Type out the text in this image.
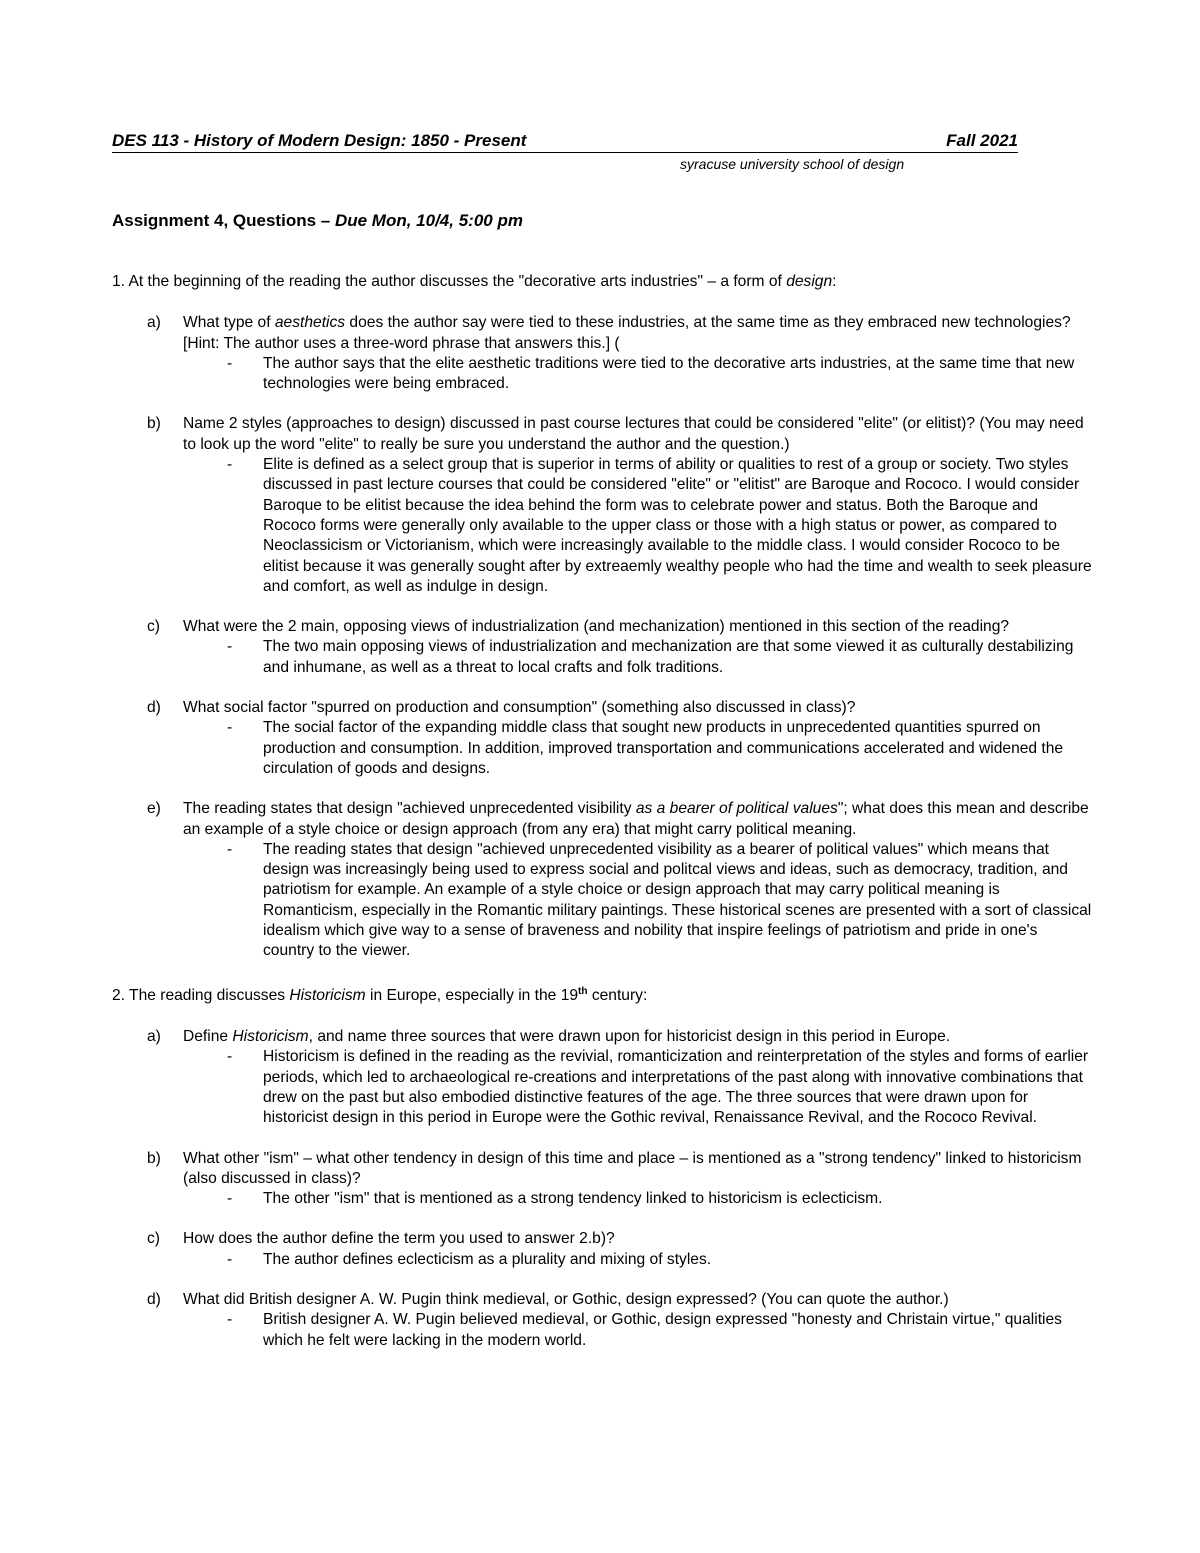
DES 113 - History of Modern Design: 1850 - Present	Fall 2021
syracuse university school of design
Assignment 4, Questions – Due Mon, 10/4, 5:00 pm

1. At the beginning of the reading the author discusses the "decorative arts industries" – a form of design:

a) What type of aesthetics does the author say were tied to these industries, at the same time as they embraced new technologies? [Hint: The author uses a three-word phrase that answers this.] (

- The author says that the elite aesthetic traditions were tied to the decorative arts industries, at the same time that new technologies were being embraced.

b) Name 2 styles (approaches to design) discussed in past course lectures that could be considered "elite" (or elitist)? (You may need to look up the word "elite" to really be sure you understand the author and the question.)

- Elite is defined as a select group that is superior in terms of ability or qualities to rest of a group or society. Two styles discussed in past lecture courses that could be considered "elite" or "elitist" are Baroque and Rococo. I would consider Baroque to be elitist because the idea behind the form was to celebrate power and status. Both the Baroque and Rococo forms were generally only available to the upper class or those with a high status or power, as compared to Neoclassicism or Victorianism, which were increasingly available to the middle class. I would consider Rococo to be elitist because it was generally sought after by extreaemly wealthy people who had the time and wealth to seek pleasure and comfort, as well as indulge in design.

c) What were the 2 main, opposing views of industrialization (and mechanization) mentioned in this section of the reading?

- The two main opposing views of industrialization and mechanization are that some viewed it as culturally destabilizing and inhumane, as well as a threat to local crafts and folk traditions.

d) What social factor "spurred on production and consumption" (something also discussed in class)?

- The social factor of the expanding middle class that sought new products in unprecedented quantities spurred on production and consumption. In addition, improved transportation and communications accelerated and widened the circulation of goods and designs.

e) The reading states that design "achieved unprecedented visibility as a bearer of political values"; what does this mean and describe an example of a style choice or design approach (from any era) that might carry political meaning.

- The reading states that design "achieved unprecedented visibility as a bearer of political values" which means that design was increasingly being used to express social and politcal views and ideas, such as democracy, tradition, and patriotism for example. An example of a style choice or design approach that may carry political meaning is Romanticism, especially in the Romantic military paintings. These historical scenes are presented with a sort of classical idealism which give way to a sense of braveness and nobility that inspire feelings of patriotism and pride in one's country to the viewer.

2. The reading discusses Historicism in Europe, especially in the 19th century:

a) Define Historicism, and name three sources that were drawn upon for historicist design in this period in Europe.

- Historicism is defined in the reading as the revivial, romanticization and reinterpretation of the styles and forms of earlier periods, which led to archaeological re-creations and interpretations of the past along with innovative combinations that drew on the past but also embodied distinctive features of the age. The three sources that were drawn upon for historicist design in this period in Europe were the Gothic revival, Renaissance Revival, and the Rococo Revival.

b) What other "ism" – what other tendency in design of this time and place – is mentioned as a "strong tendency" linked to historicism (also discussed in class)?

- The other "ism" that is mentioned as a strong tendency linked to historicism is eclecticism.

c) How does the author define the term you used to answer 2.b)?

- The author defines eclecticism as a plurality and mixing of styles.

d) What did British designer A. W. Pugin think medieval, or Gothic, design expressed? (You can quote the author.)

- British designer A. W. Pugin believed medieval, or Gothic, design expressed "honesty and Christain virtue," qualities which he felt were lacking in the modern world.
